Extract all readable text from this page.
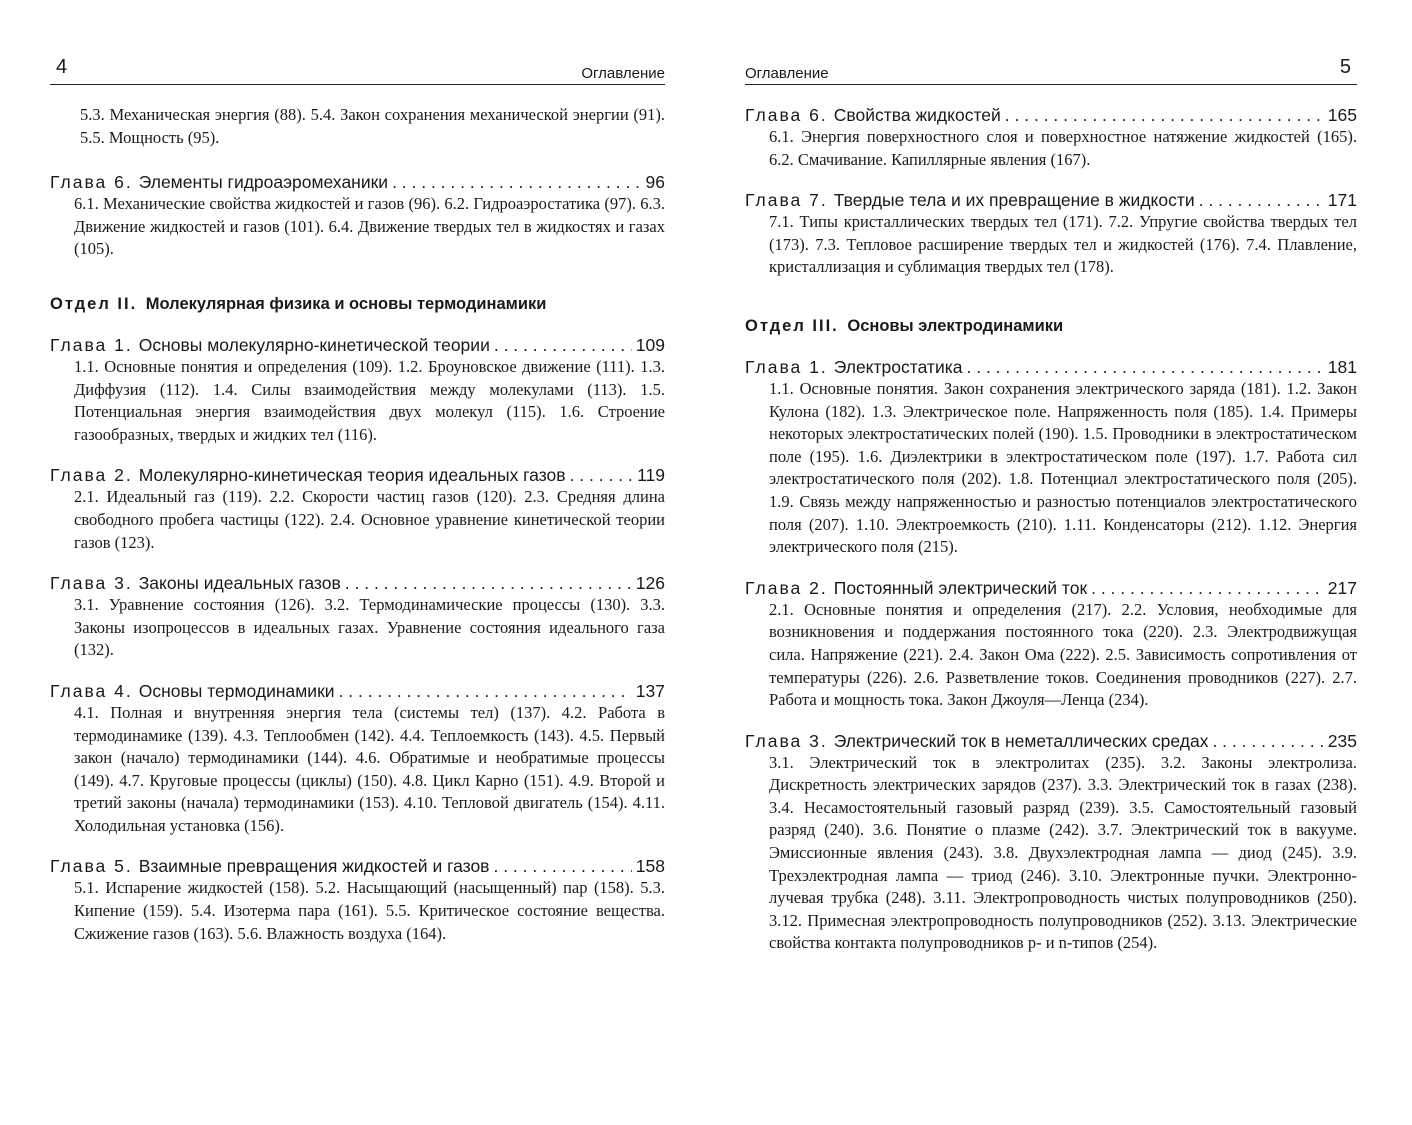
4	Оглавление

5.3. Механическая энергия (88). 5.4. Закон сохранения механической энергии (91). 5.5. Мощность (95).

Глава 6. Элементы гидроаэромеханики . . .	96

6.1. Механические свойства жидкостей и газов (96). 6.2. Гидроаэростатика (97). 6.3. Движение жидкостей и газов (101). 6.4. Движение твердых тел в жидкостях и газах (105).

Отдел II. Молекулярная физика и основы термодинамики
Глава 1. Основы молекулярно-кинетической теории . . .	109

1.1. Основные понятия и определения (109). 1.2. Броуновское движение (111). 1.3. Диффузия (112). 1.4. Силы взаимодействия между молекулами (113). 1.5. Потенциальная энергия взаимодействия двух молекул (115). 1.6. Строение газообразных, твердых и жидких тел (116).

Глава 2. Молекулярно-кинетическая теория идеальных газов . . .	119

2.1. Идеальный газ (119). 2.2. Скорости частиц газов (120). 2.3. Средняя длина свободного пробега частицы (122). 2.4. Основное уравнение кинетической теории газов (123).

Глава 3. Законы идеальных газов . . .	126

3.1. Уравнение состояния (126). 3.2. Термодинамические процессы (130). 3.3. Законы изопроцессов в идеальных газах. Уравнение состояния идеального газа (132).

Глава 4. Основы термодинамики . . .	137

4.1. Полная и внутренняя энергия тела (системы тел) (137). 4.2. Работа в термодинамике (139). 4.3. Теплообмен (142). 4.4. Теплоемкость (143). 4.5. Первый закон (начало) термодинамики (144). 4.6. Обратимые и необратимые процессы (149). 4.7. Круговые процессы (циклы) (150). 4.8. Цикл Карно (151). 4.9. Второй и третий законы (начала) термодинамики (153). 4.10. Тепловой двигатель (154). 4.11. Холодильная установка (156).

Глава 5. Взаимные превращения жидкостей и газов . . .	158

5.1. Испарение жидкостей (158). 5.2. Насыщающий (насыщенный) пар (158). 5.3. Кипение (159). 5.4. Изотерма пара (161). 5.5. Критическое состояние вещества. Сжижение газов (163). 5.6. Влажность воздуха (164).

Оглавление	5
Глава 6. Свойства жидкостей . . .	165

6.1. Энергия поверхностного слоя и поверхностное натяжение жидкостей (165). 6.2. Смачивание. Капиллярные явления (167).

Глава 7. Твердые тела и их превращение в жидкости . . .	171

7.1. Типы кристаллических твердых тел (171). 7.2. Упругие свойства твердых тел (173). 7.3. Тепловое расширение твердых тел и жидкостей (176). 7.4. Плавление, кристаллизация и сублимация твердых тел (178).

Отдел III. Основы электродинамики
Глава 1. Электростатика . . .	181

1.1. Основные понятия. Закон сохранения электрического заряда (181). 1.2. Закон Кулона (182). 1.3. Электрическое поле. Напряженность поля (185). 1.4. Примеры некоторых электростатических полей (190). 1.5. Проводники в электростатическом поле (195). 1.6. Диэлектрики в электростатическом поле (197). 1.7. Работа сил электростатического поля (202). 1.8. Потенциал электростатического поля (205). 1.9. Связь между напряженностью и разностью потенциалов электростатического поля (207). 1.10. Электроемкость (210). 1.11. Конденсаторы (212). 1.12. Энергия электрического поля (215).

Глава 2. Постоянный электрический ток . . .	217

2.1. Основные понятия и определения (217). 2.2. Условия, необходимые для возникновения и поддержания постоянного тока (220). 2.3. Электродвижущая сила. Напряжение (221). 2.4. Закон Ома (222). 2.5. Зависимость сопротивления от температуры (226). 2.6. Разветвление токов. Соединения проводников (227). 2.7. Работа и мощность тока. Закон Джоуля—Ленца (234).

Глава 3. Электрический ток в неметаллических средах . . .	235

3.1. Электрический ток в электролитах (235). 3.2. Законы электролиза. Дискретность электрических зарядов (237). 3.3. Электрический ток в газах (238). 3.4. Несамостоятельный газовый разряд (239). 3.5. Самостоятельный газовый разряд (240). 3.6. Понятие о плазме (242). 3.7. Электрический ток в вакууме. Эмиссионные явления (243). 3.8. Двухэлектродная лампа — диод (245). 3.9. Трехэлектродная лампа — триод (246). 3.10. Электронные пучки. Электронно-лучевая трубка (248). 3.11. Электропроводность чистых полупроводников (250). 3.12. Примесная электропроводность полупроводников (252). 3.13. Электрические свойства контакта полупроводников p- и n-типов (254).
